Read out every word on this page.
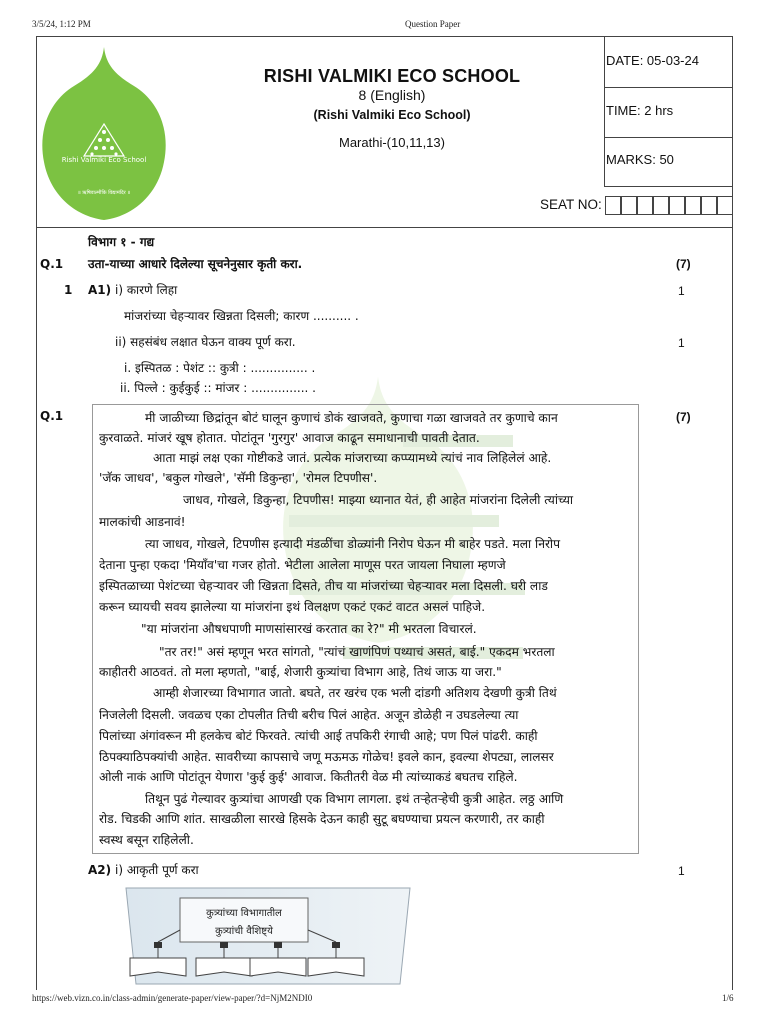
3/5/24, 1:12 PM	Question Paper
Rishi Valmiki Eco School
॥ ऋषिवाल्मीकि विद्यामंदिर ॥
RISHI VALMIKI ECO SCHOOL
8 (English)
(Rishi Valmiki Eco School)
Marathi-(10,11,13)
DATE: 05-03-24
TIME: 2 hrs
MARKS: 50
SEAT NO:
विभाग १ - गद्य
Q.1 उता-याच्या आधारे दिलेल्या सूचनेनुसार कृती करा.	(7)
1 A1) i) कारणे लिहा	1
मांजरांच्या चेहऱ्यावर खिन्नता दिसली; कारण .......... .
ii) सहसंबंध लक्षात घेऊन वाक्य पूर्ण करा.	1
i. इस्पितळ : पेशंट :: कुत्री : ............... .
ii. पिल्ले : कुईकुई :: मांजर : ............... .
Q.1	(7)
मी जाळीच्या छिद्रांतून बोटं घालून कुणाचं डोकं खाजवते, कुणाचा गळा खाजवते तर कुणाचे कान
कुरवाळते. मांजरं खूष होतात. पोटांतून 'गुरगुर' आवाज काढून समाधानाची पावती देतात.
आता माझं लक्ष एका गोष्टीकडे जातं. प्रत्येक मांजराच्या कप्प्यामध्ये त्यांचं नाव लिहिलेलं आहे.
'जॅक जाधव', 'बकुल गोखले', 'सॅमी डिकुन्हा', 'रोमल टिपणीस'.
जाधव, गोखले, डिकुन्हा, टिपणीस! माझ्या ध्यानात येतं, ही आहेत मांजरांना दिलेली त्यांच्या
मालकांची आडनावं!
त्या जाधव, गोखले, टिपणीस इत्यादी मंडळींचा डोळ्यांनी निरोप घेऊन मी बाहेर पडते. मला निरोप
देताना पुन्हा एकदा 'मियाँव'चा गजर होतो. भेटीला आलेला माणूस परत जायला निघाला म्हणजे
इस्पितळाच्या पेशंटच्या चेहऱ्यावर जी खिन्नता दिसते, तीच या मांजरांच्या चेहऱ्यावर मला दिसली. घरी लाड
करून घ्यायची सवय झालेल्या या मांजरांना इथं विलक्षण एकटं एकटं वाटत असलं पाहिजे.
"या मांजरांना औषधपाणी माणसांसारखं करतात का रे?" मी भरतला विचारलं.
"तर तर!" असं म्हणून भरत सांगतो, "त्यांचं खाणंपिणं पथ्याचं असतं, बाई." एकदम भरतला
काहीतरी आठवतं. तो मला म्हणतो, "बाई, शेजारी कुत्र्यांचा विभाग आहे, तिथं जाऊ या जरा."
आम्ही शेजारच्या विभागात जातो. बघते, तर खरंच एक भली दांडगी अतिशय देखणी कुत्री तिथं
निजलेली दिसली. जवळच एका टोपलीत तिची बरीच पिलं आहेत. अजून डोळेही न उघडलेल्या त्या
पिलांच्या अंगांवरून मी हलकेच बोटं फिरवते. त्यांची आई तपकिरी रंगाची आहे; पण पिलं पांढरी. काही
ठिपक्याठिपक्यांची आहेत. सावरीच्या कापसाचे जणू मऊमऊ गोळेच! इवले कान, इवल्या शेपट्या, लालसर
ओली नाकं आणि पोटांतून येणारा 'कुई कुई' आवाज. कितीतरी वेळ मी त्यांच्याकडं बघतच राहिले.
तिथून पुढं गेल्यावर कुत्र्यांचा आणखी एक विभाग लागला. इथं तऱ्हेतऱ्हेची कुत्री आहेत. लठ्ठ आणि
रोड. चिडकी आणि शांत. साखळीला सारखे हिसके देऊन काही सुटू बघण्याचा प्रयत्न करणारी, तर काही
स्वस्थ बसून राहिलेली.
A2) i) आकृती पूर्ण करा	1
कुत्र्यांच्या विभागातील
कुत्र्यांची वैशिष्ट्ये
https://web.vizn.co.in/class-admin/generate-paper/view-paper/?d=NjM2NDI0	1/6
